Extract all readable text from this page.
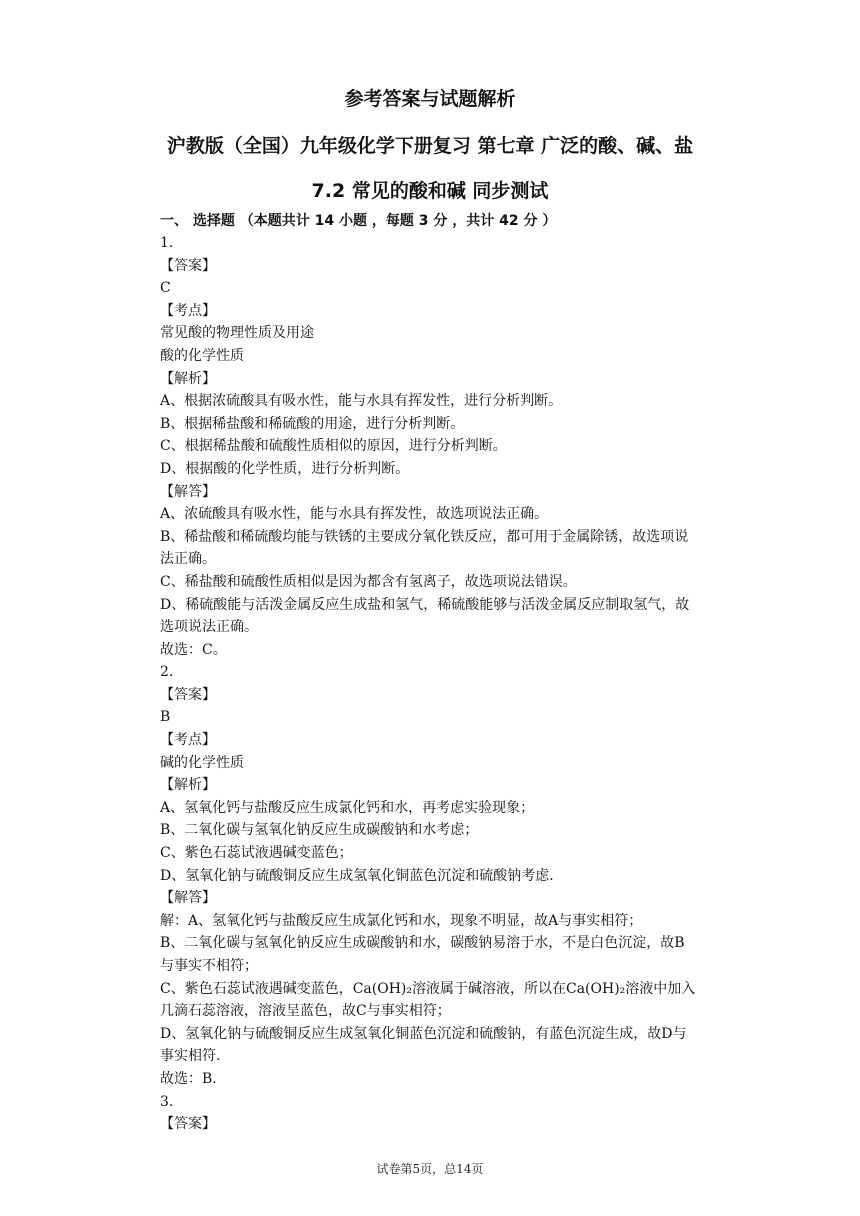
参考答案与试题解析
沪教版（全国）九年级化学下册复习 第七章 广泛的酸、碱、盐
7.2 常见的酸和碱 同步测试
一、 选择题 （本题共计 14 小题 ，每题 3 分 ，共计 42 分 ）
1.
【答案】
C
【考点】
常见酸的物理性质及用途
酸的化学性质
【解析】
A、根据浓硫酸具有吸水性，能与水具有挥发性，进行分析判断。
B、根据稀盐酸和稀硫酸的用途，进行分析判断。
C、根据稀盐酸和硫酸性质相似的原因，进行分析判断。
D、根据酸的化学性质，进行分析判断。
【解答】
A、浓硫酸具有吸水性，能与水具有挥发性，故选项说法正确。
B、稀盐酸和稀硫酸均能与铁锈的主要成分氧化铁反应，都可用于金属除锈，故选项说
法正确。
C、稀盐酸和硫酸性质相似是因为都含有氢离子，故选项说法错误。
D、稀硫酸能与活泼金属反应生成盐和氢气，稀硫酸能够与活泼金属反应制取氢气，故
选项说法正确。
故选：C。
2.
【答案】
B
【考点】
碱的化学性质
【解析】
A、氢氧化钙与盐酸反应生成氯化钙和水，再考虑实验现象；
B、二氧化碳与氢氧化钠反应生成碳酸钠和水考虑；
C、紫色石蕊试液遇碱变蓝色；
D、氢氧化钠与硫酸铜反应生成氢氧化铜蓝色沉淀和硫酸钠考虑.
【解答】
解：A、氢氧化钙与盐酸反应生成氯化钙和水，现象不明显，故A与事实相符；
B、二氧化碳与氢氧化钠反应生成碳酸钠和水，碳酸钠易溶于水，不是白色沉淀，故B
与事实不相符；
C、紫色石蕊试液遇碱变蓝色，Ca(OH)₂溶液属于碱溶液，所以在Ca(OH)₂溶液中加入
几滴石蕊溶液，溶液呈蓝色，故C与事实相符；
D、氢氧化钠与硫酸铜反应生成氢氧化铜蓝色沉淀和硫酸钠，有蓝色沉淀生成，故D与
事实相符.
故选：B.
3.
【答案】
试卷第5页，总14页
